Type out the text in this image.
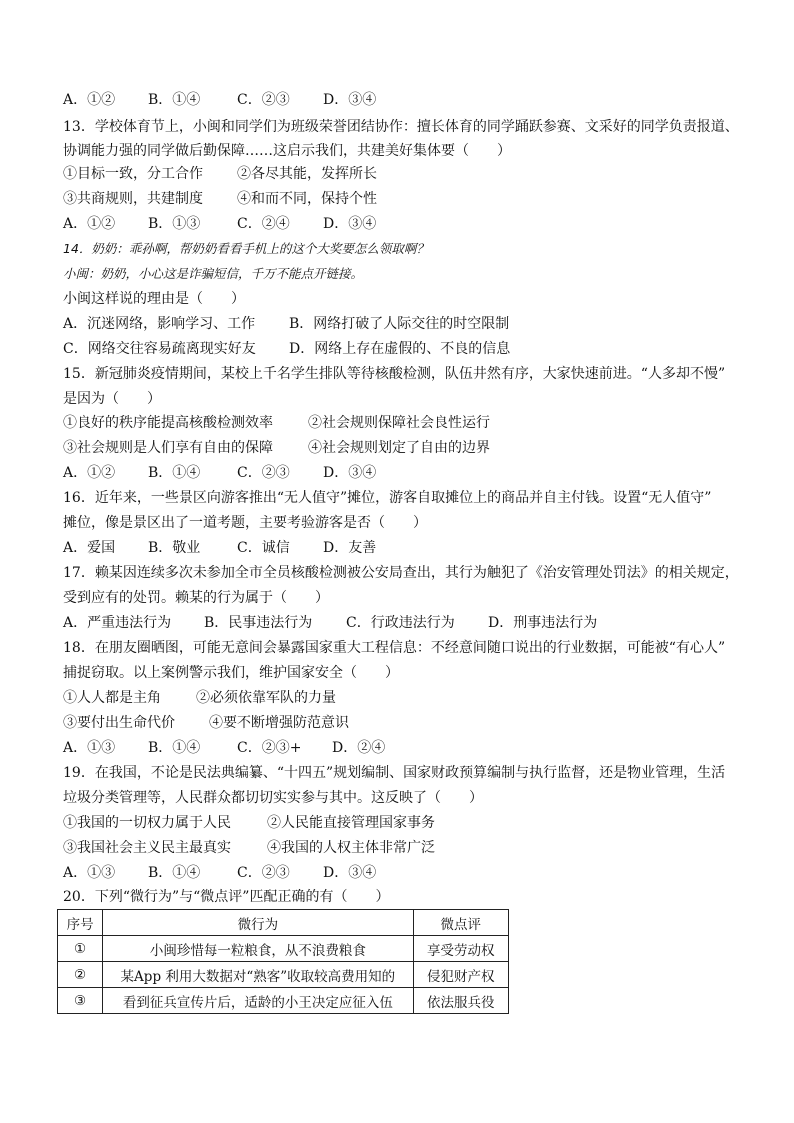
A．①② B．①④	C．②③ D．③④
13．学校体育节上，小闽和同学们为班级荣誉团结协作：擅长体育的同学踊跃参赛、文采好的同学负责报道、
协调能力强的同学做后勤保障……这启示我们，共建美好集体要（　　）
①目标一致，分工合作 ②各尽其能，发挥所长
③共商规则，共建制度 ④和而不同，保持个性
A．①② B．①③	C．②④ D．③④
14．奶奶：乖孙啊，帮奶奶看看手机上的这个大奖要怎么领取啊？
小闽：奶奶，小心这是诈骗短信，千万不能点开链接。
小闽这样说的理由是（　　）
A．沉迷网络，影响学习、工作 B．网络打破了人际交往的时空限制
C．网络交往容易疏离现实好友 D．网络上存在虚假的、不良的信息
15．新冠肺炎疫情期间，某校上千名学生排队等待核酸检测，队伍井然有序，大家快速前进。“人多却不慢”
是因为（　　）
①良好的秩序能提高核酸检测效率	②社会规则保障社会良性运行
③社会规则是人们享有自由的保障	④社会规则划定了自由的边界
A．①② B．①④	C．②③ D．③④
16．近年来，一些景区向游客推出“无人值守”摊位，游客自取摊位上的商品并自主付钱。设置“无人值守”
摊位，像是景区出了一道考题，主要考验游客是否（　　）
A．爱国 B．敬业	C．诚信 D．友善
17．赖某因连续多次未参加全市全员核酸检测被公安局查出，其行为触犯了《治安管理处罚法》的相关规定，
受到应有的处罚。赖某的行为属于（　　）
A．严重违法行为 B．民事违法行为 C．行政违法行为 D．刑事违法行为
18．在朋友圈晒图，可能无意间会暴露国家重大工程信息：不经意间随口说出的行业数据，可能被“有心人”
捕捉窃取。以上案例警示我们，维护国家安全（　　）
①人人都是主角	②必须依靠军队的力量
③要付出生命代价 ④要不断增强防范意识
A．①③ B．①④	C．②③+ D．②④
19．在我国，不论是民法典编纂、“十四五”规划编制、国家财政预算编制与执行监督，还是物业管理，生活
垃圾分类管理等，人民群众都切切实实参与其中。这反映了（　　）
①我国的一切权力属于人民	②人民能直接管理国家事务
③我国社会主义民主最真实	④我国的人权主体非常广泛
A．①③ B．①④	C．②③ D．③④
20．下列“微行为”与“微点评”匹配正确的有（　　）
序号	微行为	微点评
①	小闽珍惜每一粒粮食，从不浪费粮食	享受劳动权
②	某App 利用大数据对“熟客”收取较高费用知的	侵犯财产权
③	看到征兵宣传片后，适龄的小王决定应征入伍	依法服兵役
